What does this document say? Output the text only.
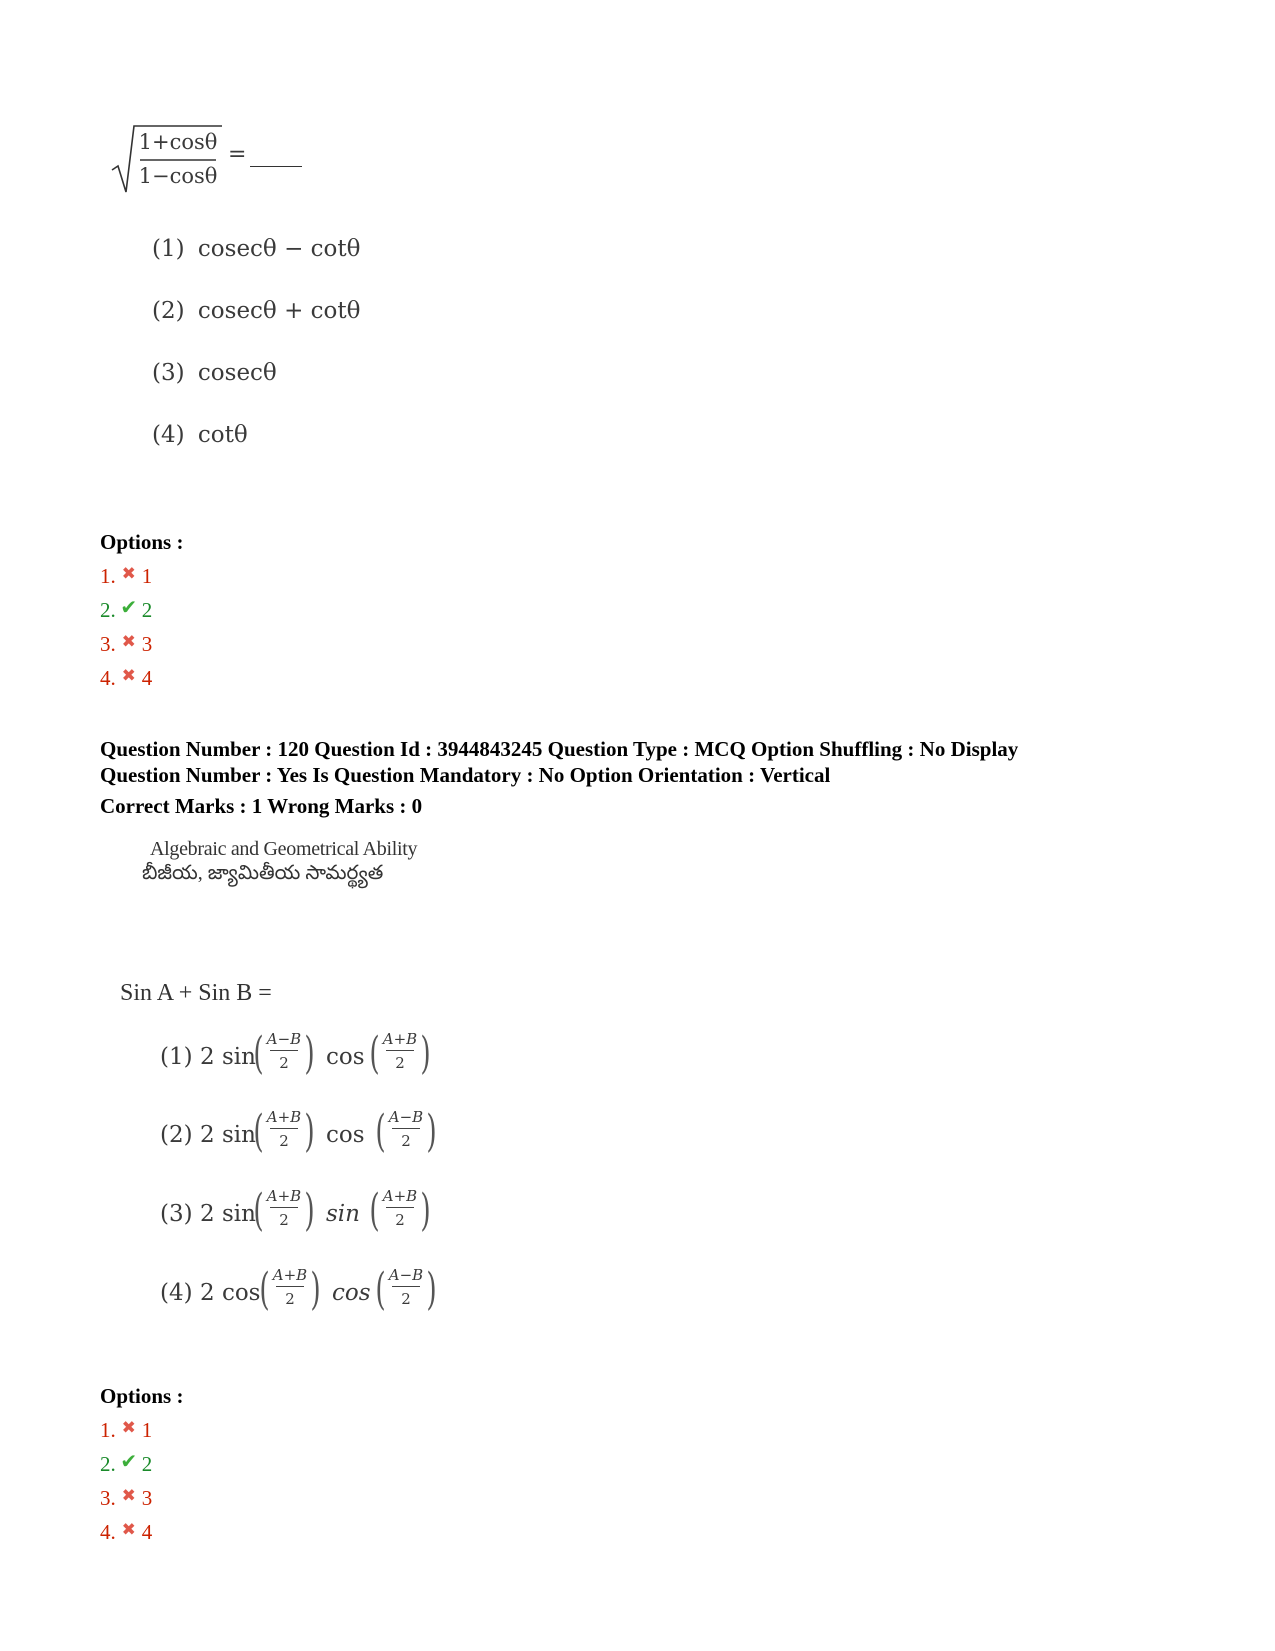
1+cosθ
1−cosθ
=
(1) cosecθ − cotθ
(2) cosecθ + cotθ
(3) cosecθ
(4) cotθ
Options :
1. ✖ 1
2. ✔ 2
3. ✖ 3
4. ✖ 4
Question Number : 120 Question Id : 3944843245 Question Type : MCQ Option Shuffling : No Display
Question Number : Yes Is Question Mandatory : No Option Orientation : Vertical
Correct Marks : 1 Wrong Marks : 0
Algebraic and Geometrical Ability
బీజీయ, జ్యామితీయ సామర్థ్యత
Sin A + Sin B =
(1) 2 sin
( A−B
2 ) cos ( A+B
2 )
(2) 2 sin
( A+B
2 ) cos ( A−B
2 )
(3) 2 sin
( A+B
2 ) sin ( A+B
2 )
(4) 2 cos
( A+B
2 ) cos ( A−B
2 )
Options :
1. ✖ 1
2. ✔ 2
3. ✖ 3
4. ✖ 4
